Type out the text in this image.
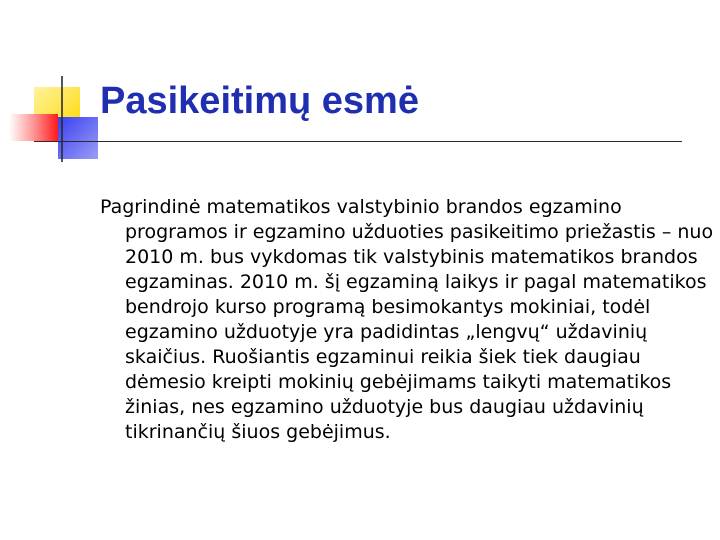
Pasikeitimų esmė

Pagrindinė matematikos valstybinio brandos egzamino programos ir egzamino užduoties pasikeitimo priežastis – nuo 2010 m. bus vykdomas tik valstybinis matematikos brandos egzaminas. 2010 m. šį egzaminą laikys ir pagal matematikos bendrojo kurso programą besimokantys mokiniai, todėl egzamino užduotyje yra padidintas „lengvų“ uždavinių skaičius. Ruošiantis egzaminui reikia šiek tiek daugiau dėmesio kreipti mokinių gebėjimams taikyti matematikos žinias, nes egzamino užduotyje bus daugiau uždavinių tikrinančių šiuos gebėjimus.
